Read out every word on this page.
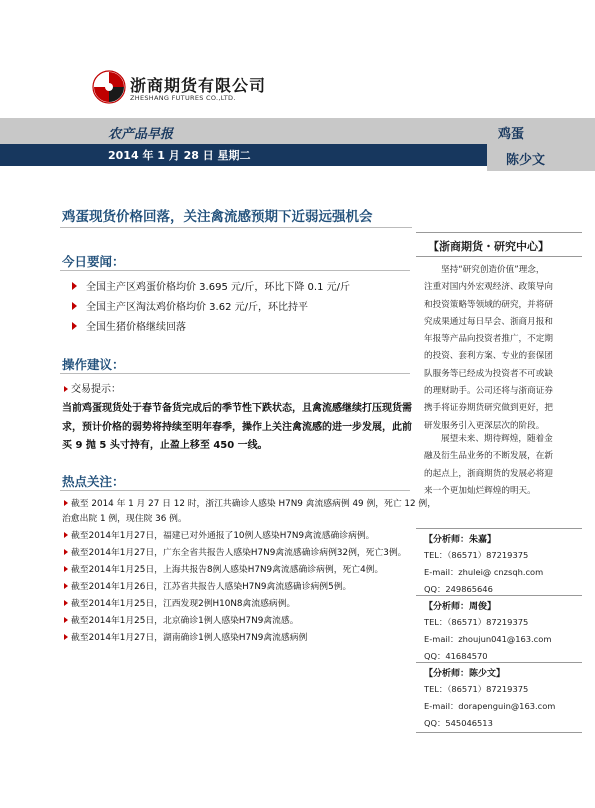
浙商期货有限公司
ZHESHANG FUTURES CO.,LTD.
农产品早报	鸡蛋
2014 年 1 月 28 日 星期二	陈少文
鸡蛋现货价格回落，关注禽流感预期下近弱远强机会
今日要闻：
全国主产区鸡蛋价格均价 3.695 元/斤，环比下降 0.1 元/斤
全国主产区淘汰鸡价格均价 3.62 元/斤，环比持平
全国生猪价格继续回落
操作建议：
交易提示：
当前鸡蛋现货处于春节备货完成后的季节性下跌状态，且禽流感继续打压现货需
求，预计价格的弱势将持续至明年春季，操作上关注禽流感的进一步发展，此前
买 9 抛 5 头寸持有，止盈上移至 450 一线。
热点关注：
截至 2014 年 1 月 27 日 12 时，浙江共确诊人感染 H7N9 禽流感病例 49 例，死亡 12 例，
治愈出院 1 例，现住院 36 例。
截至2014年1月27日，福建已对外通报了10例人感染H7N9禽流感确诊病例。
截至2014年1月27日，广东全省共报告人感染H7N9禽流感确诊病例32例，死亡3例。
截至2014年1月25日，上海共报告8例人感染H7N9禽流感确诊病例，死亡4例。
截至2014年1月26日，江苏省共报告人感染H7N9禽流感确诊病例5例。
截至2014年1月25日，江西发现2例H10N8禽流感病例。
截至2014年1月25日，北京确诊1例人感染H7N9禽流感。
截至2014年1月27日，湖南确诊1例人感染H7N9禽流感病例
【浙商期货・研究中心】
坚持“研究创造价值”理念，
注重对国内外宏观经济、政策导向
和投资策略等领域的研究，并将研
究成果通过每日早会、浙商月报和
年报等产品向投资者推广，不定期
的投资、套利方案、专业的套保团
队服务等已经成为投资者不可或缺
的理财助手。公司还将与浙商证券
携手将证券期货研究做到更好，把
研发服务引入更深层次的阶段。
展望未来、期待辉煌，随着金
融及衍生品业务的不断发展，在新
的起点上，浙商期货的发展必将迎
来一个更加灿烂辉煌的明天。
【分析师：朱嘉】
TEL：（86571）87219375
E-mail：zhulei@ cnzsqh.com
QQ：249865646
【分析师：周俊】
TEL：（86571）87219375
E-mail：zhoujun041@163.com
QQ：41684570
【分析师：陈少文】
TEL：（86571）87219375
E-mail：dorapenguin@163.com
QQ：545046513
